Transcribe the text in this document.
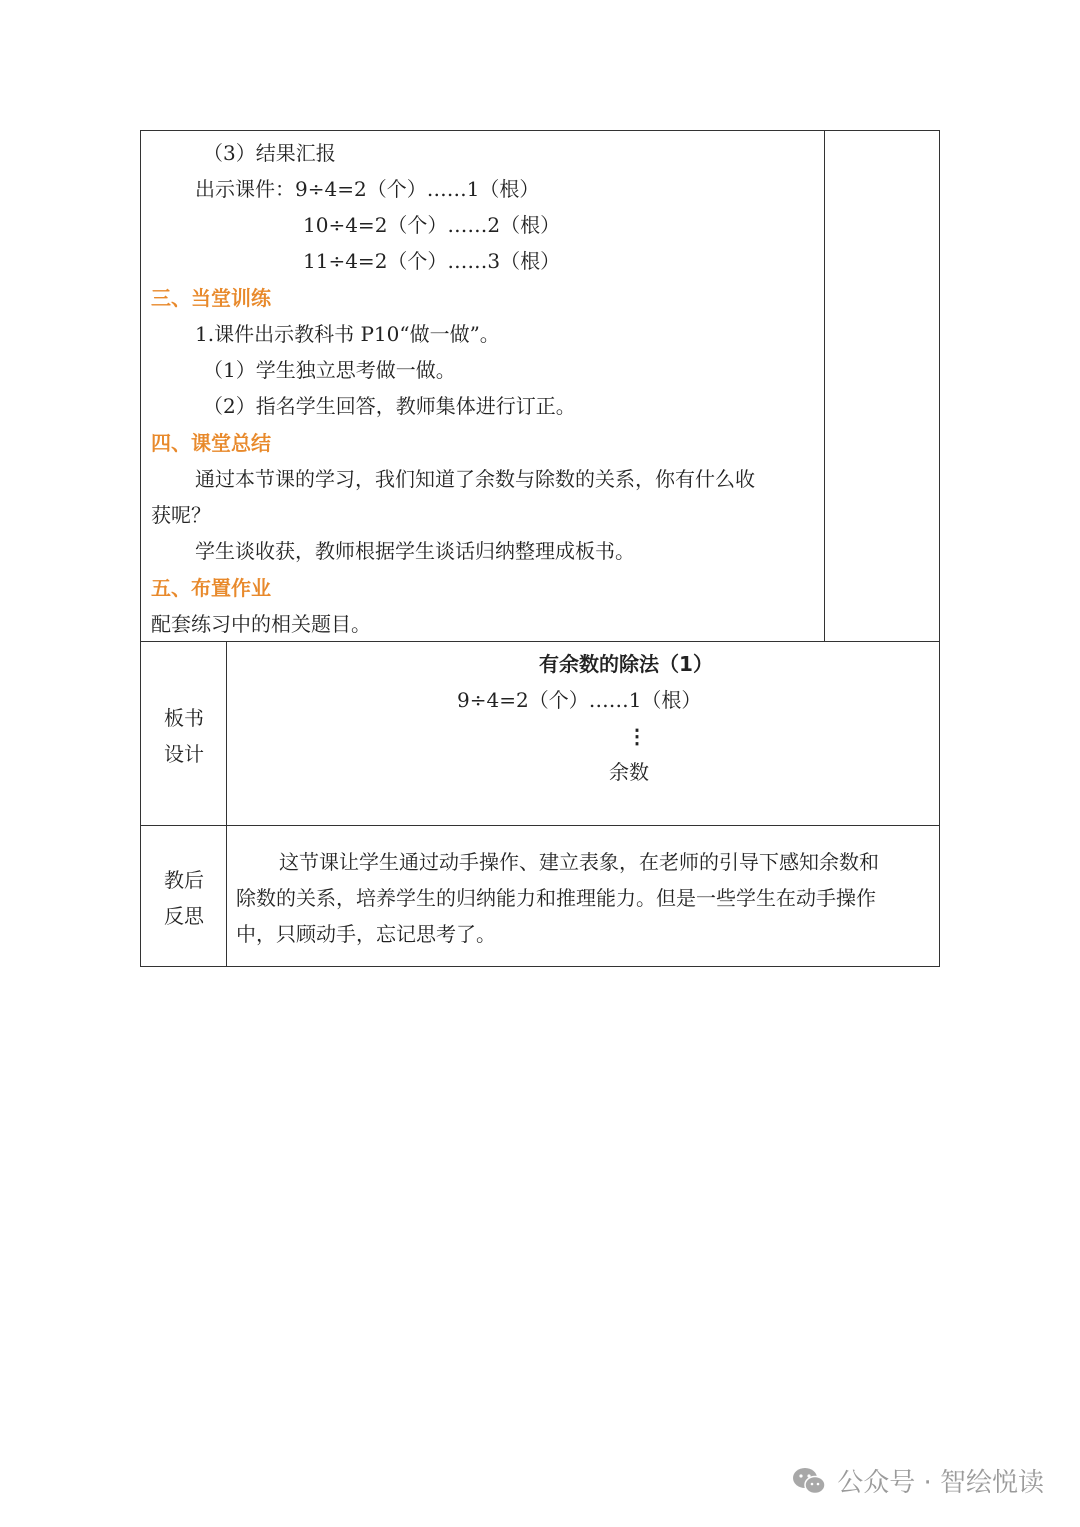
（3）结果汇报
出示课件：9÷4=2（个）……1（根）
10÷4=2（个）……2（根）
11÷4=2（个）……3（根）
三、当堂训练
1.课件出示教科书 P10“做一做”。
（1）学生独立思考做一做。
（2）指名学生回答，教师集体进行订正。
四、课堂总结
通过本节课的学习，我们知道了余数与除数的关系，你有什么收
获呢？
学生谈收获，教师根据学生谈话归纳整理成板书。
五、布置作业
配套练习中的相关题目。
板书
设计
有余数的除法（1）
9÷4=2（个）……1（根）
⋮
余数
教后
反思
这节课让学生通过动手操作、建立表象，在老师的引导下感知余数和
除数的关系，培养学生的归纳能力和推理能力。但是一些学生在动手操作
中，只顾动手，忘记思考了。
公众号 · 智绘悦读
